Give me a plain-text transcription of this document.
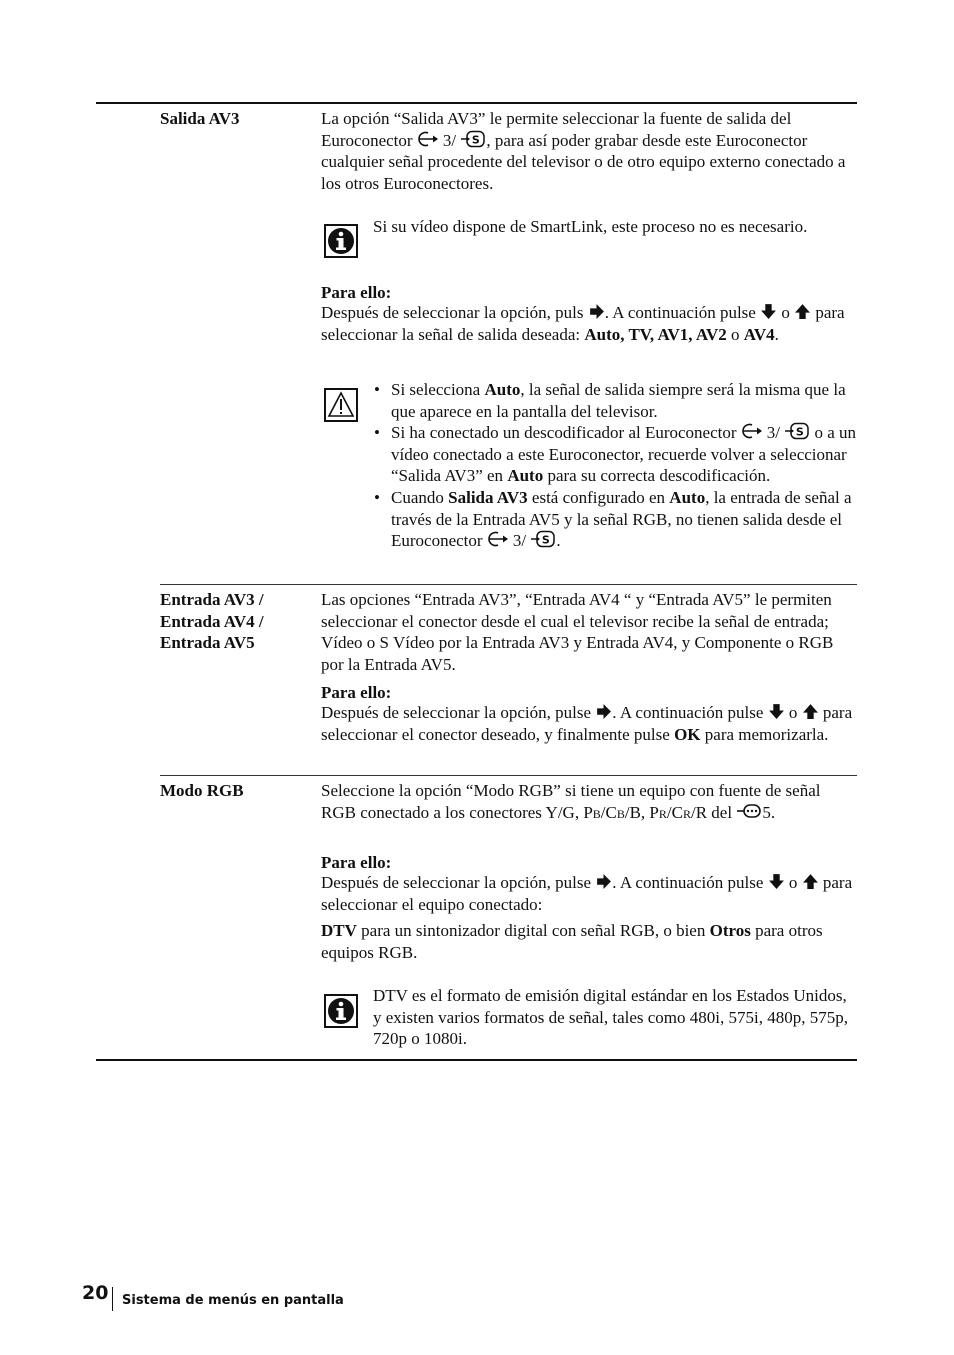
Salida AV3	La opción “Salida AV3” le permite seleccionar la fuente de salida del Euroconector 3/ , para así poder grabar desde este Euroconector cualquier señal procedente del televisor o de otro equipo externo conectado a los otros Euroconectores.

Si su vídeo dispone de SmartLink, este proceso no es necesario.

Para ello:

Después de seleccionar la opción, puls . A continuación pulse  o  para seleccionar la señal de salida deseada: Auto, TV, AV1, AV2 o AV4.

• Si selecciona Auto, la señal de salida siempre será la misma que la que aparece en la pantalla del televisor.
• Si ha conectado un descodificador al Euroconector 3/  o a un vídeo conectado a este Euroconector, recuerde volver a seleccionar “Salida AV3” en Auto para su correcta descodificación.
• Cuando Salida AV3 está configurado en Auto, la entrada de señal a través de la Entrada AV5 y la señal RGB, no tienen salida desde el Euroconector 3/ .
Entrada AV3 /
Entrada AV4 /
Entrada AV5

Las opciones “Entrada AV3”, “Entrada AV4 “ y “Entrada AV5” le permiten seleccionar el conector desde el cual el televisor recibe la señal de entrada; Vídeo o S Vídeo por la Entrada AV3 y Entrada AV4, y Componente o RGB por la Entrada AV5.

Para ello:

Después de seleccionar la opción, pulse . A continuación pulse  o  para seleccionar el conector deseado, y finalmente pulse OK para memorizarla.

Modo RGB	Seleccione la opción “Modo RGB” si tiene un equipo con fuente de señal RGB conectado a los conectores Y/G, PB/CB/B, PR/CR/R del 5.

Para ello:

Después de seleccionar la opción, pulse . A continuación pulse  o  para seleccionar el equipo conectado:

DTV para un sintonizador digital con señal RGB, o bien Otros para otros equipos RGB.

DTV es el formato de emisión digital estándar en los Estados Unidos, y existen varios formatos de señal, tales como 480i, 575i, 480p, 575p, 720p o 1080i.

20 Sistema de menús en pantalla
